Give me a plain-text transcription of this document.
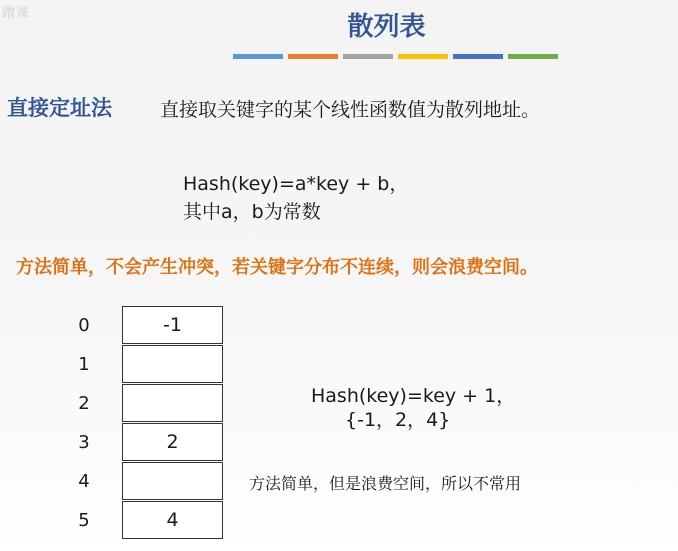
蹭课	散列表
直接定址法	直接取关键字的某个线性函数值为散列地址。
Hash(key)=a*key + b，
其中a，b为常数
方法简单，不会产生冲突，若关键字分布不连续，则会浪费空间。
0
1
2
3
4
5
-1
2
4
Hash(key)=key + 1，
{-1，2，4}
方法简单，但是浪费空间，所以不常用
